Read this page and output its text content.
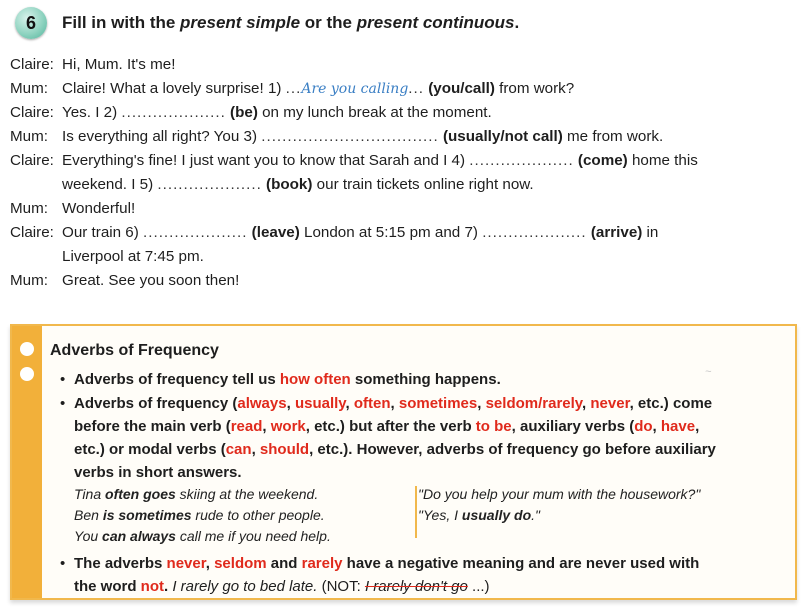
6	Fill in with the present simple or the present continuous.
Claire: Hi, Mum. It's me!
Mum: Claire! What a lovely surprise! 1) ...Are you calling... (you/call) from work?
Claire: Yes. I 2) .................... (be) on my lunch break at the moment.
Mum: Is everything all right? You 3) .................................. (usually/not call) me from work.
Claire: Everything's fine! I just want you to know that Sarah and I 4) .................... (come) home this
weekend. I 5) .................... (book) our train tickets online right now.
Mum: Wonderful!
Claire: Our train 6) .................... (leave) London at 5:15 pm and 7) .................... (arrive) in
Liverpool at 7:45 pm.
Mum: Great. See you soon then!
Adverbs of Frequency
~
• Adverbs of frequency tell us how often something happens.
• Adverbs of frequency (always, usually, often, sometimes, seldom/rarely, never, etc.) come
before the main verb (read, work, etc.) but after the verb to be, auxiliary verbs (do, have,
etc.) or modal verbs (can, should, etc.). However, adverbs of frequency go before auxiliary
verbs in short answers.
Tina often goes skiing at the weekend.
Ben is sometimes rude to other people.
You can always call me if you need help.
"Do you help your mum with the housework?"
"Yes, I usually do."
• The adverbs never, seldom and rarely have a negative meaning and are never used with
the word not. I rarely go to bed late. (NOT: I rarely don't go ...)
